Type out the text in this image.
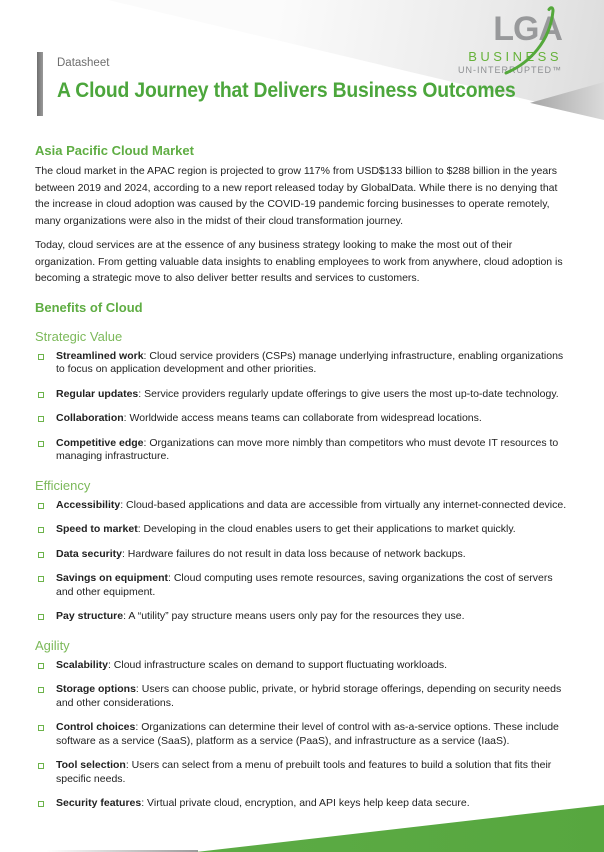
LGA
BUSINESS
UN-INTERRUPTED™
Datasheet
A Cloud Journey that Delivers Business Outcomes
Asia Pacific Cloud Market

The cloud market in the APAC region is projected to grow 117% from USD$133 billion to $288 billion in the years between 2019 and 2024, according to a new report released today by GlobalData. While there is no denying that the increase in cloud adoption was caused by the COVID-19 pandemic forcing businesses to operate remotely, many organizations were also in the midst of their cloud transformation journey.

Today, cloud services are at the essence of any business strategy looking to make the most out of their organization. From getting valuable data insights to enabling employees to work from anywhere, cloud adoption is becoming a strategic move to also deliver better results and services to customers.

Benefits of Cloud
Strategic Value
Streamlined work: Cloud service providers (CSPs) manage underlying infrastructure, enabling organizations to focus on application development and other priorities.
Regular updates: Service providers regularly update offerings to give users the most up-to-date technology.
Collaboration: Worldwide access means teams can collaborate from widespread locations.
Competitive edge: Organizations can move more nimbly than competitors who must devote IT resources to managing infrastructure.
Efficiency
Accessibility: Cloud-based applications and data are accessible from virtually any internet-connected device.
Speed to market: Developing in the cloud enables users to get their applications to market quickly.
Data security: Hardware failures do not result in data loss because of network backups.
Savings on equipment: Cloud computing uses remote resources, saving organizations the cost of servers and other equipment.
Pay structure: A “utility” pay structure means users only pay for the resources they use.
Agility
Scalability: Cloud infrastructure scales on demand to support fluctuating workloads.
Storage options: Users can choose public, private, or hybrid storage offerings, depending on security needs and other considerations.
Control choices: Organizations can determine their level of control with as-a-service options. These include software as a service (SaaS), platform as a service (PaaS), and infrastructure as a service (IaaS).
Tool selection: Users can select from a menu of prebuilt tools and features to build a solution that fits their specific needs.
Security features: Virtual private cloud, encryption, and API keys help keep data secure.
